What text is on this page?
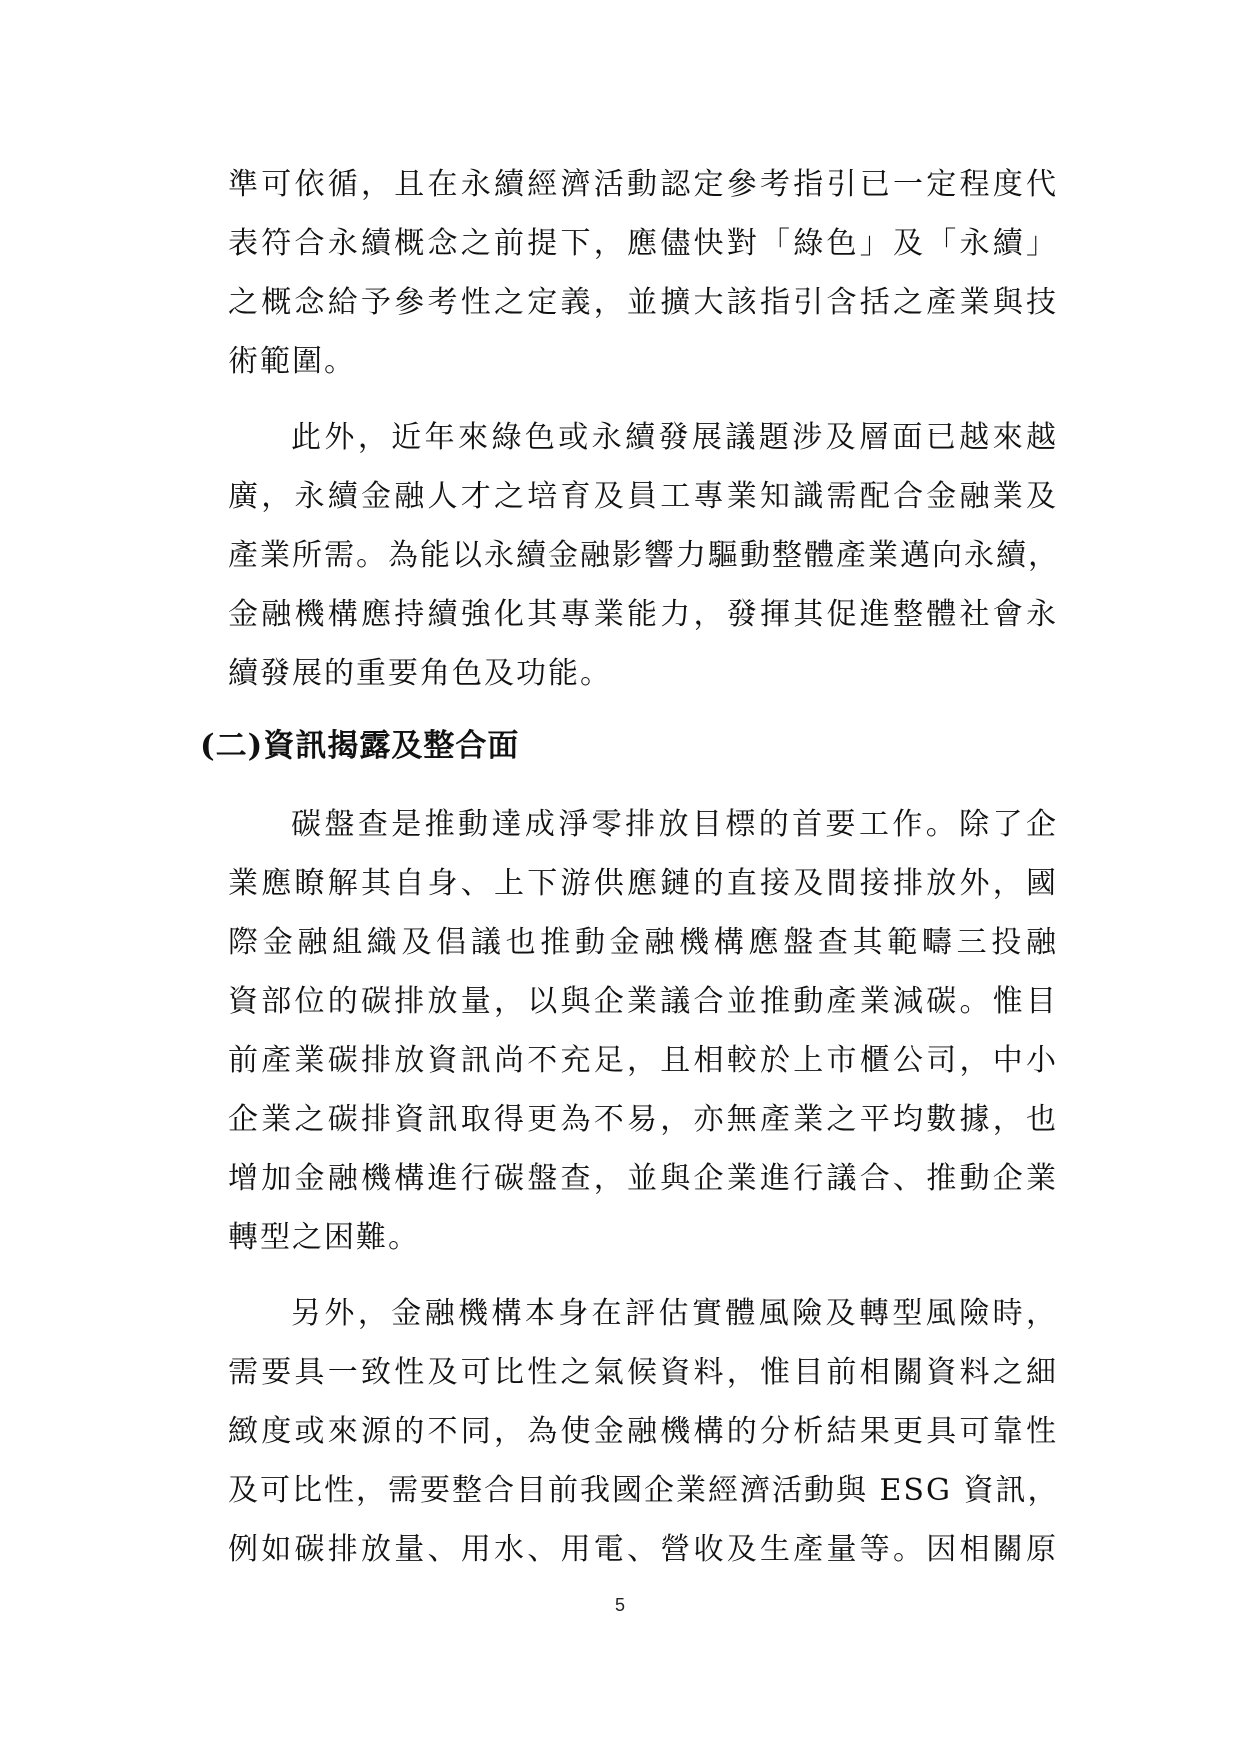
準可依循，且在永續經濟活動認定參考指引已一定程度代
表符合永續概念之前提下，應儘快對「綠色」及「永續」
之概念給予參考性之定義，並擴大該指引含括之產業與技
術範圍。
此外，近年來綠色或永續發展議題涉及層面已越來越
廣，永續金融人才之培育及員工專業知識需配合金融業及
產業所需。為能以永續金融影響力驅動整體產業邁向永續，
金融機構應持續強化其專業能力，發揮其促進整體社會永
續發展的重要角色及功能。
(二)資訊揭露及整合面
碳盤查是推動達成淨零排放目標的首要工作。除了企
業應瞭解其自身、上下游供應鏈的直接及間接排放外，國
際金融組織及倡議也推動金融機構應盤查其範疇三投融
資部位的碳排放量，以與企業議合並推動產業減碳。惟目
前產業碳排放資訊尚不充足，且相較於上市櫃公司，中小
企業之碳排資訊取得更為不易，亦無產業之平均數據，也
增加金融機構進行碳盤查，並與企業進行議合、推動企業
轉型之困難。
另外，金融機構本身在評估實體風險及轉型風險時，
需要具一致性及可比性之氣候資料，惟目前相關資料之細
緻度或來源的不同，為使金融機構的分析結果更具可靠性
及可比性，需要整合目前我國企業經濟活動與 ESG 資訊，
例如碳排放量、用水、用電、營收及生產量等。因相關原
5
